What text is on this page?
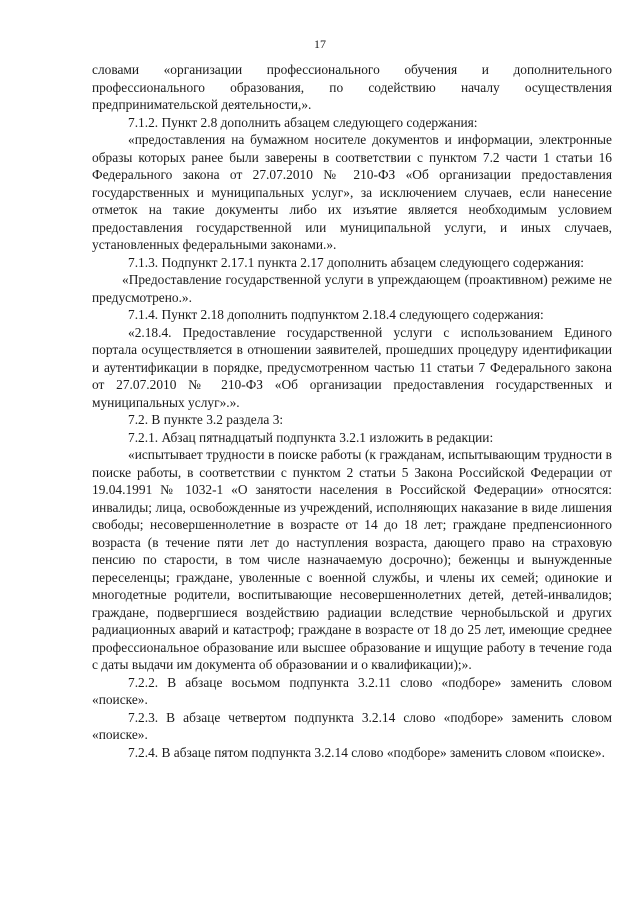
17

словами «организации профессионального обучения и дополнительного профессионального образования, по содействию началу осуществления предпринимательской деятельности,».

7.1.2. Пункт 2.8 дополнить абзацем следующего содержания:

«предоставления на бумажном носителе документов и информации, электронные образы которых ранее были заверены в соответствии с пунктом 7.2 части 1 статьи 16 Федерального закона от 27.07.2010 № 210-ФЗ «Об организации предоставления государственных и муниципальных услуг», за исключением случаев, если нанесение отметок на такие документы либо их изъятие является необходимым условием предоставления государственной или муниципальной услуги, и иных случаев, установленных федеральными законами.».

7.1.3. Подпункт 2.17.1 пункта 2.17 дополнить абзацем следующего содержания:

«Предоставление государственной услуги в упреждающем (проактивном) режиме не предусмотрено.».

7.1.4. Пункт 2.18 дополнить подпунктом 2.18.4 следующего содержания:

«2.18.4. Предоставление государственной услуги с использованием Единого портала осуществляется в отношении заявителей, прошедших процедуру идентификации и аутентификации в порядке, предусмотренном частью 11 статьи 7 Федерального закона от 27.07.2010 № 210-ФЗ «Об организации предоставления государственных и муниципальных услуг».».

7.2. В пункте 3.2 раздела 3:

7.2.1. Абзац пятнадцатый подпункта 3.2.1 изложить в редакции:

«испытывает трудности в поиске работы (к гражданам, испытывающим трудности в поиске работы, в соответствии с пунктом 2 статьи 5 Закона Российской Федерации от 19.04.1991 № 1032-1 «О занятости населения в Российской Федерации» относятся: инвалиды; лица, освобожденные из учреждений, исполняющих наказание в виде лишения свободы; несовершеннолетние в возрасте от 14 до 18 лет; граждане предпенсионного возраста (в течение пяти лет до наступления возраста, дающего право на страховую пенсию по старости, в том числе назначаемую досрочно); беженцы и вынужденные переселенцы; граждане, уволенные с военной службы, и члены их семей; одинокие и многодетные родители, воспитывающие несовершеннолетних детей, детей-инвалидов; граждане, подвергшиеся воздействию радиации вследствие чернобыльской и других радиационных аварий и катастроф; граждане в возрасте от 18 до 25 лет, имеющие среднее профессиональное образование или высшее образование и ищущие работу в течение года с даты выдачи им документа об образовании и о квалификации);».

7.2.2. В абзаце восьмом подпункта 3.2.11 слово «подборе» заменить словом «поиске».

7.2.3. В абзаце четвертом подпункта 3.2.14 слово «подборе» заменить словом «поиске».

7.2.4. В абзаце пятом подпункта 3.2.14 слово «подборе» заменить словом «поиске».
